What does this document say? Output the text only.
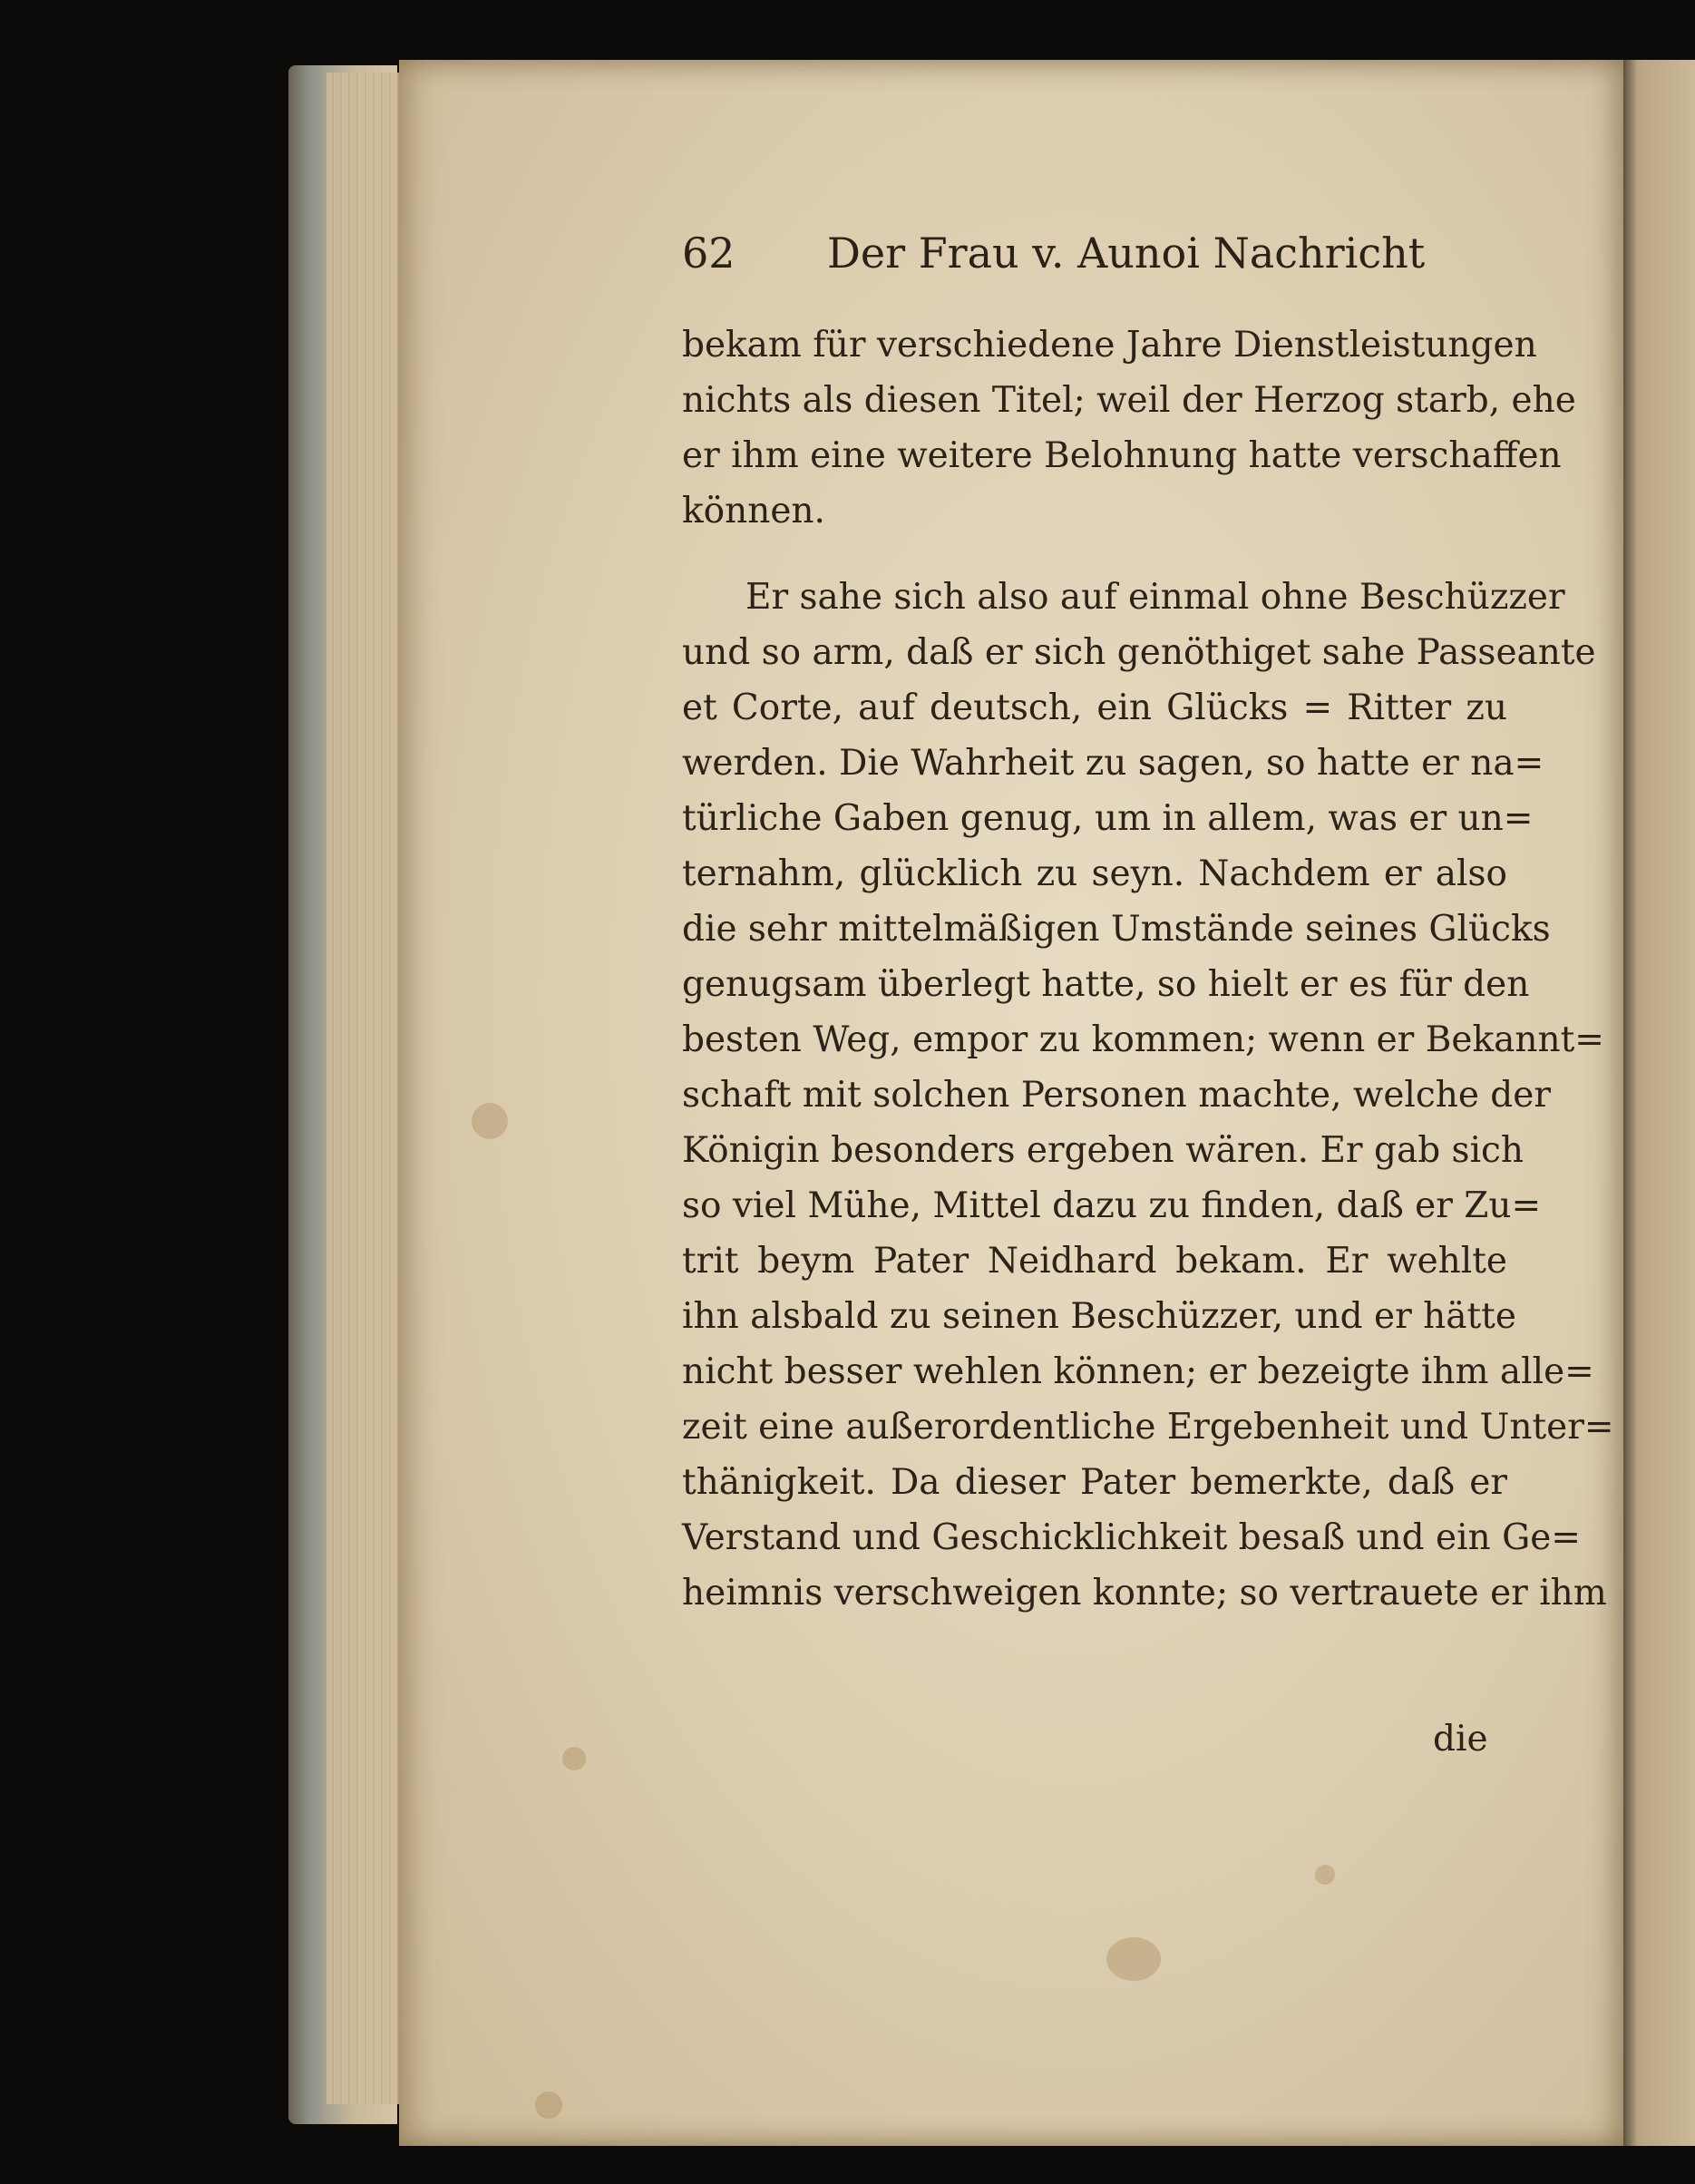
62 Der Frau v. Aunoi Nachricht
bekam für verschiedene Jahre Dienstleistungen
nichts als diesen Titel; weil der Herzog starb, ehe
er ihm eine weitere Belohnung hatte verschaffen
können.
Er sahe sich also auf einmal ohne Beschüzzer
und so arm, daß er sich genöthiget sahe Passeante
et Corte, auf deutsch, ein Glücks = Ritter zu
werden. Die Wahrheit zu sagen, so hatte er na=
türliche Gaben genug, um in allem, was er un=
ternahm, glücklich zu seyn. Nachdem er also
die sehr mittelmäßigen Umstände seines Glücks
genugsam überlegt hatte, so hielt er es für den
besten Weg, empor zu kommen; wenn er Bekannt=
schaft mit solchen Personen machte, welche der
Königin besonders ergeben wären. Er gab sich
so viel Mühe, Mittel dazu zu finden, daß er Zu=
trit beym Pater Neidhard bekam. Er wehlte
ihn alsbald zu seinen Beschüzzer, und er hätte
nicht besser wehlen können; er bezeigte ihm alle=
zeit eine außerordentliche Ergebenheit und Unter=
thänigkeit. Da dieser Pater bemerkte, daß er
Verstand und Geschicklichkeit besaß und ein Ge=
heimnis verschweigen konnte; so vertrauete er ihm
die
